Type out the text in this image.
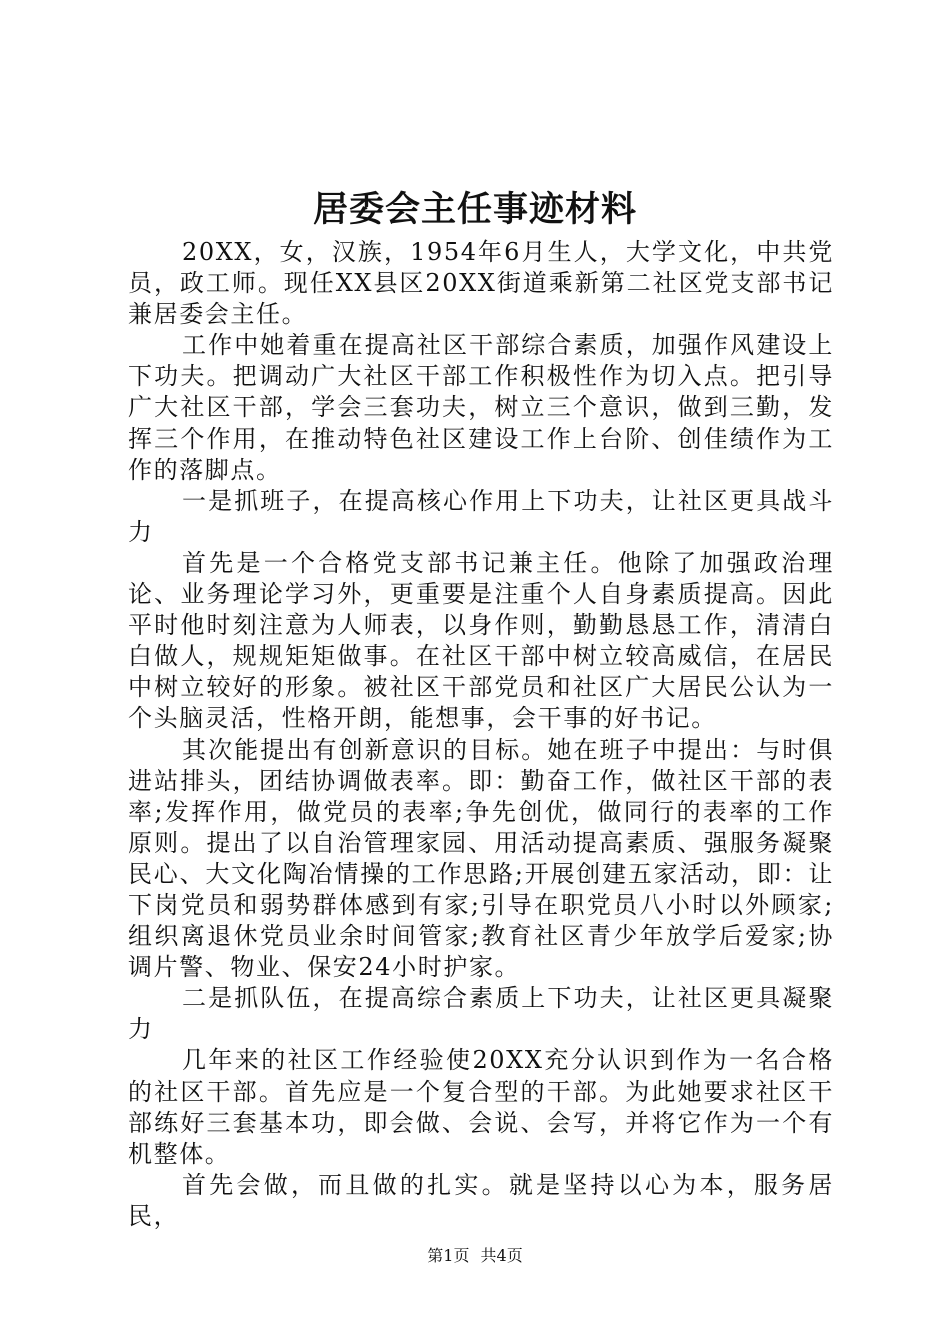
居委会主任事迹材料

20XX，女，汉族，1954年6月生人，大学文化，中共党员，政工师。现任XX县区20XX街道乘新第二社区党支部书记兼居委会主任。

工作中她着重在提高社区干部综合素质，加强作风建设上下功夫。把调动广大社区干部工作积极性作为切入点。把引导广大社区干部，学会三套功夫，树立三个意识，做到三勤，发挥三个作用，在推动特色社区建设工作上台阶、创佳绩作为工作的落脚点。

一是抓班子，在提高核心作用上下功夫，让社区更具战斗力

首先是一个合格党支部书记兼主任。他除了加强政治理论、业务理论学习外，更重要是注重个人自身素质提高。因此平时他时刻注意为人师表，以身作则，勤勤恳恳工作，清清白白做人，规规矩矩做事。在社区干部中树立较高威信，在居民中树立较好的形象。被社区干部党员和社区广大居民公认为一个头脑灵活，性格开朗，能想事，会干事的好书记。

其次能提出有创新意识的目标。她在班子中提出：与时俱进站排头，团结协调做表率。即：勤奋工作，做社区干部的表率;发挥作用，做党员的表率;争先创优，做同行的表率的工作原则。提出了以自治管理家园、用活动提高素质、强服务凝聚民心、大文化陶冶情操的工作思路;开展创建五家活动，即：让下岗党员和弱势群体感到有家;引导在职党员八小时以外顾家;组织离退休党员业余时间管家;教育社区青少年放学后爱家;协调片警、物业、保安24小时护家。

二是抓队伍，在提高综合素质上下功夫，让社区更具凝聚力

几年来的社区工作经验使20XX充分认识到作为一名合格的社区干部。首先应是一个复合型的干部。为此她要求社区干部练好三套基本功，即会做、会说、会写，并将它作为一个有机整体。

首先会做，而且做的扎实。就是坚持以心为本，服务居民，

第1页 共4页
